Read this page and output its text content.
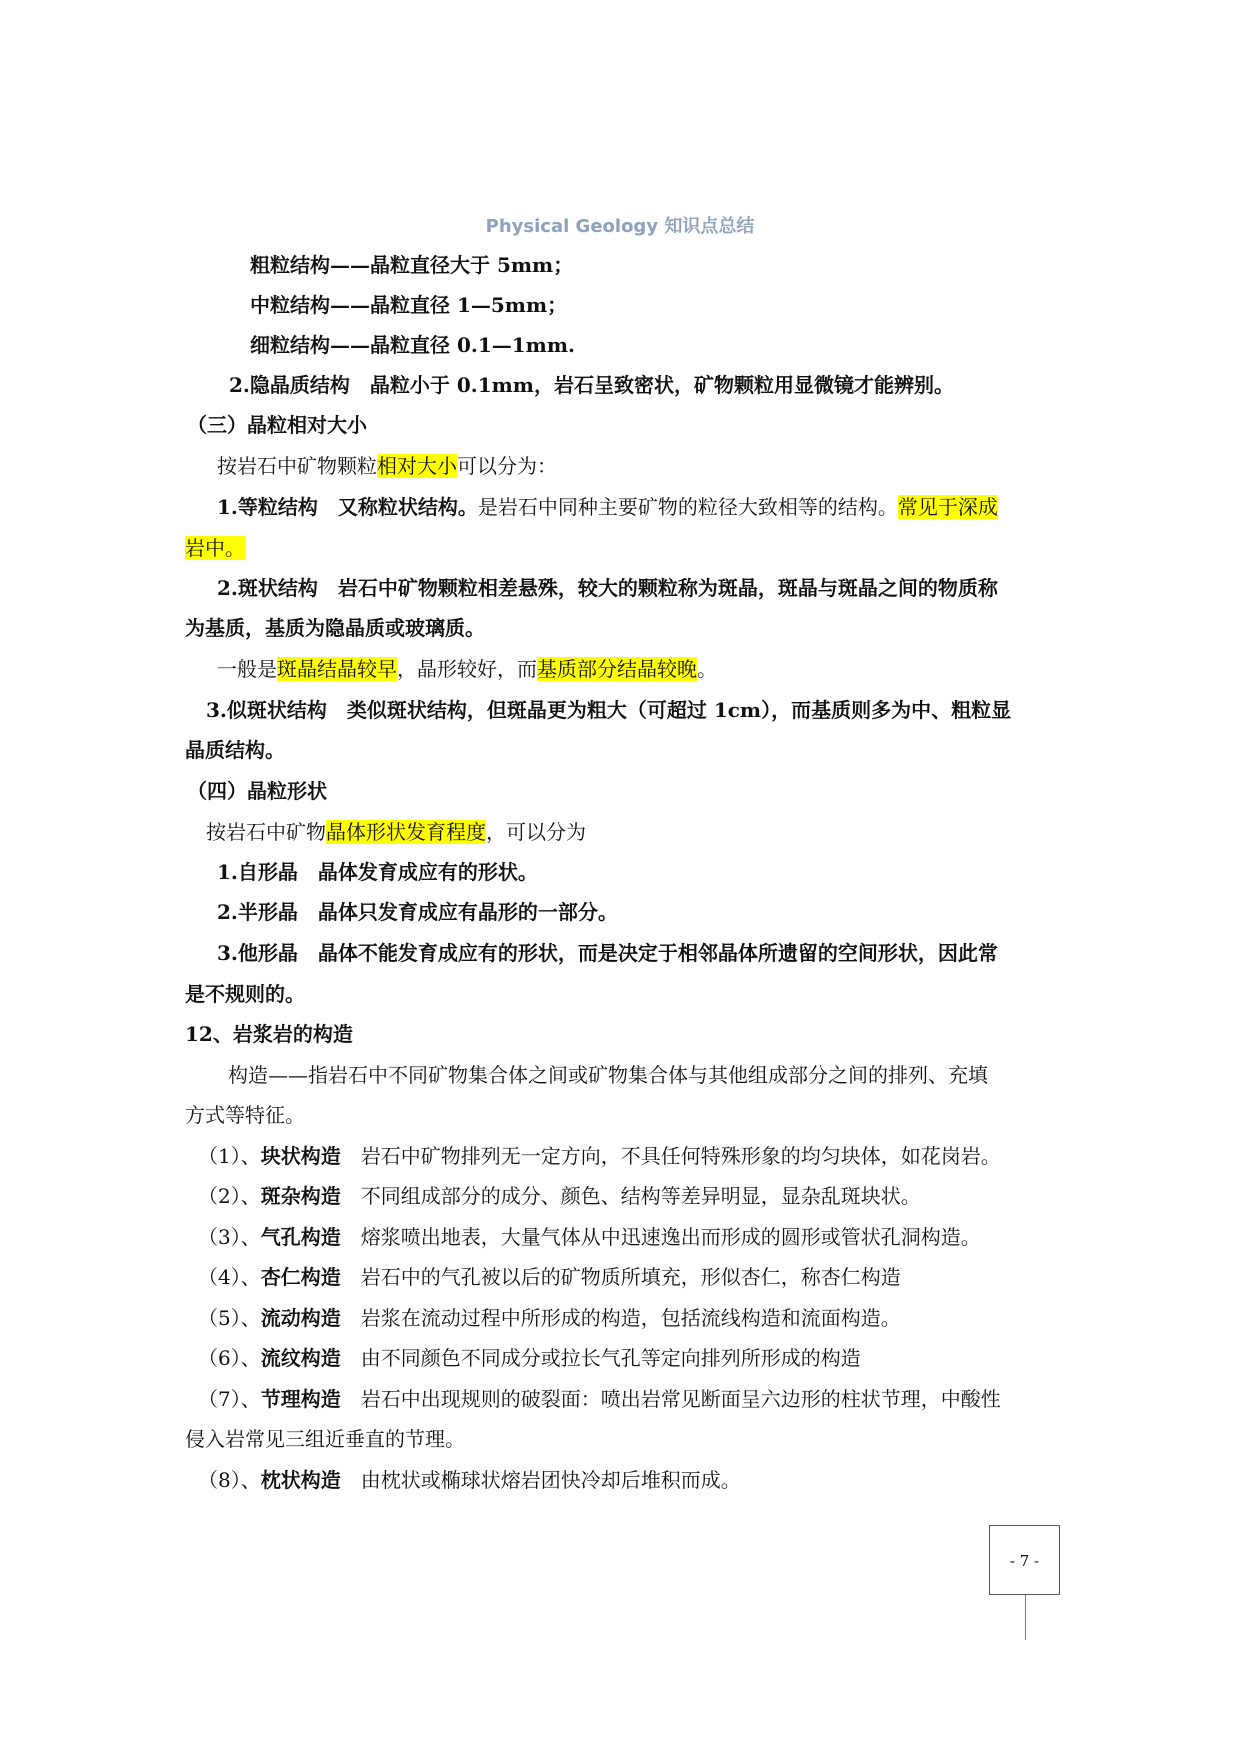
Physical Geology 知识点总结
粗粒结构——晶粒直径大于 5mm；
中粒结构——晶粒直径 1—5mm；
细粒结构——晶粒直径 0.1—1mm.
2.隐晶质结构　晶粒小于 0.1mm，岩石呈致密状，矿物颗粒用显微镜才能辨别。
（三）晶粒相对大小
按岩石中矿物颗粒相对大小可以分为：
1.等粒结构　又称粒状结构。是岩石中同种主要矿物的粒径大致相等的结构。常见于深成
岩中。
2.斑状结构　岩石中矿物颗粒相差悬殊，较大的颗粒称为斑晶，斑晶与斑晶之间的物质称
为基质，基质为隐晶质或玻璃质。
一般是斑晶结晶较早，晶形较好，而基质部分结晶较晚。
3.似斑状结构　类似斑状结构，但斑晶更为粗大（可超过 1cm），而基质则多为中、粗粒显
晶质结构。
（四）晶粒形状
按岩石中矿物晶体形状发育程度，可以分为
1.自形晶　晶体发育成应有的形状。
2.半形晶　晶体只发育成应有晶形的一部分。
3.他形晶　晶体不能发育成应有的形状，而是决定于相邻晶体所遗留的空间形状，因此常
是不规则的。
12、岩浆岩的构造
构造——指岩石中不同矿物集合体之间或矿物集合体与其他组成部分之间的排列、充填
方式等特征。
（1）、块状构造　岩石中矿物排列无一定方向，不具任何特殊形象的均匀块体，如花岗岩。
（2）、斑杂构造　不同组成部分的成分、颜色、结构等差异明显，显杂乱斑块状。
（3）、气孔构造　熔浆喷出地表，大量气体从中迅速逸出而形成的圆形或管状孔洞构造。
（4）、杏仁构造　岩石中的气孔被以后的矿物质所填充，形似杏仁，称杏仁构造
（5）、流动构造　岩浆在流动过程中所形成的构造，包括流线构造和流面构造。
（6）、流纹构造　由不同颜色不同成分或拉长气孔等定向排列所形成的构造
（7）、节理构造　岩石中出现规则的破裂面：喷出岩常见断面呈六边形的柱状节理，中酸性
侵入岩常见三组近垂直的节理。
（8）、枕状构造　由枕状或椭球状熔岩团快冷却后堆积而成。
- 7 -
